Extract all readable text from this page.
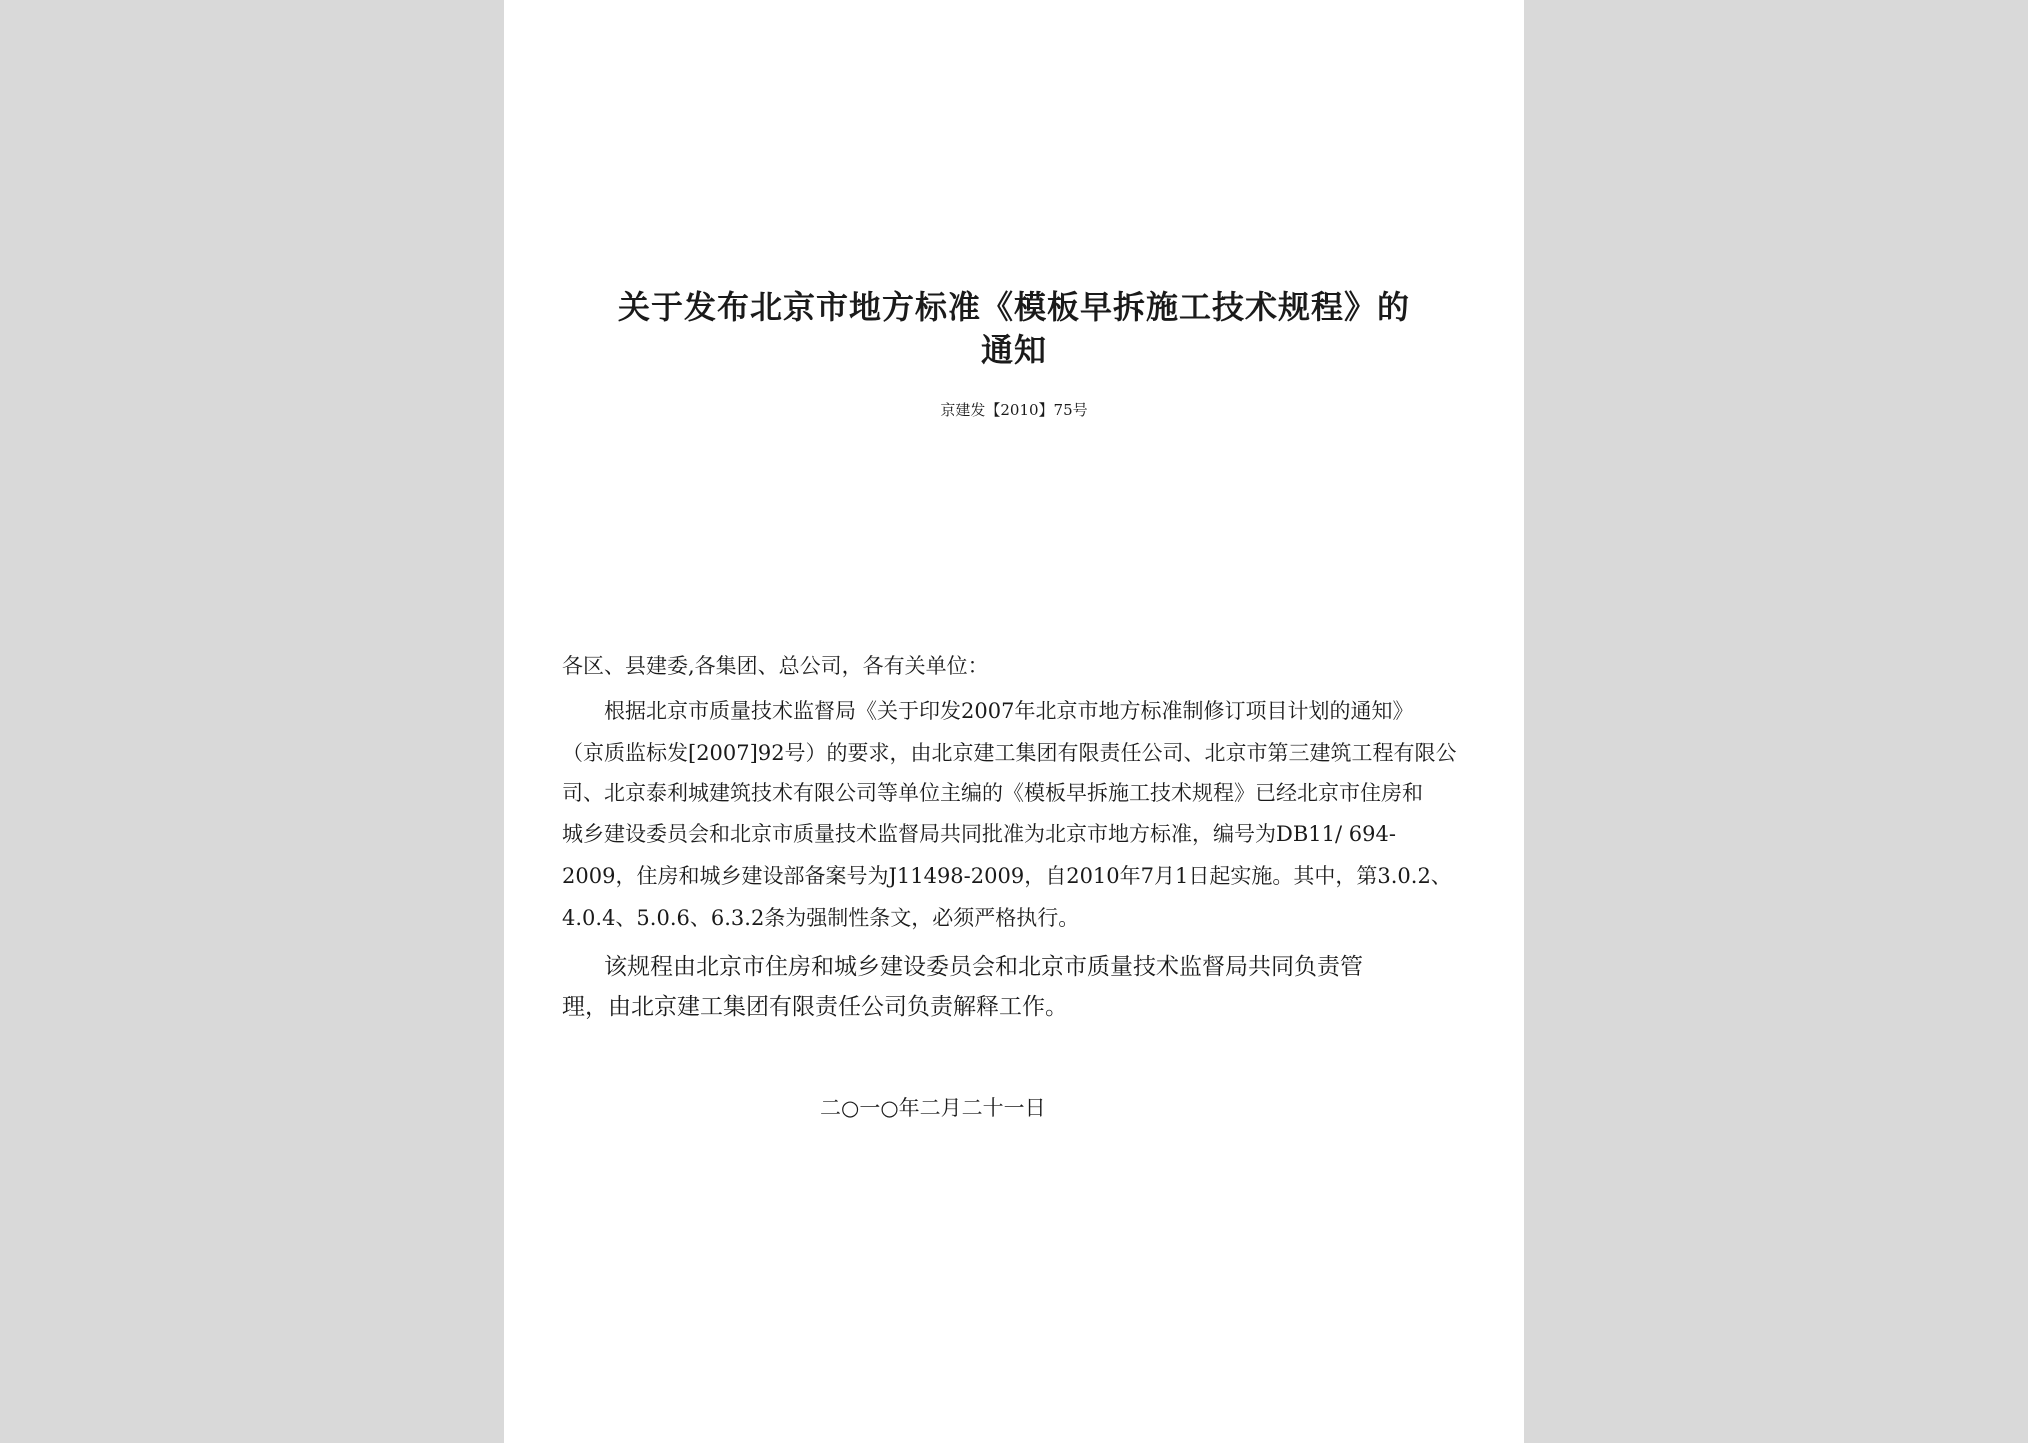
关于发布北京市地方标准《模板早拆施工技术规程》的
通知
京建发【2010】75号
各区、县建委,各集团、总公司，各有关单位：
根据北京市质量技术监督局《关于印发2007年北京市地方标准制修订项目计划的通知》
（京质监标发[2007]92号）的要求，由北京建工集团有限责任公司、北京市第三建筑工程有限公
司、北京泰利城建筑技术有限公司等单位主编的《模板早拆施工技术规程》已经北京市住房和
城乡建设委员会和北京市质量技术监督局共同批准为北京市地方标准，编号为DB11/ 694-
2009，住房和城乡建设部备案号为J11498-2009，自2010年7月1日起实施。其中，第3.0.2、
4.0.4、5.0.6、6.3.2条为强制性条文，必须严格执行。
该规程由北京市住房和城乡建设委员会和北京市质量技术监督局共同负责管
理，由北京建工集团有限责任公司负责解释工作。
二○一○年二月二十一日
